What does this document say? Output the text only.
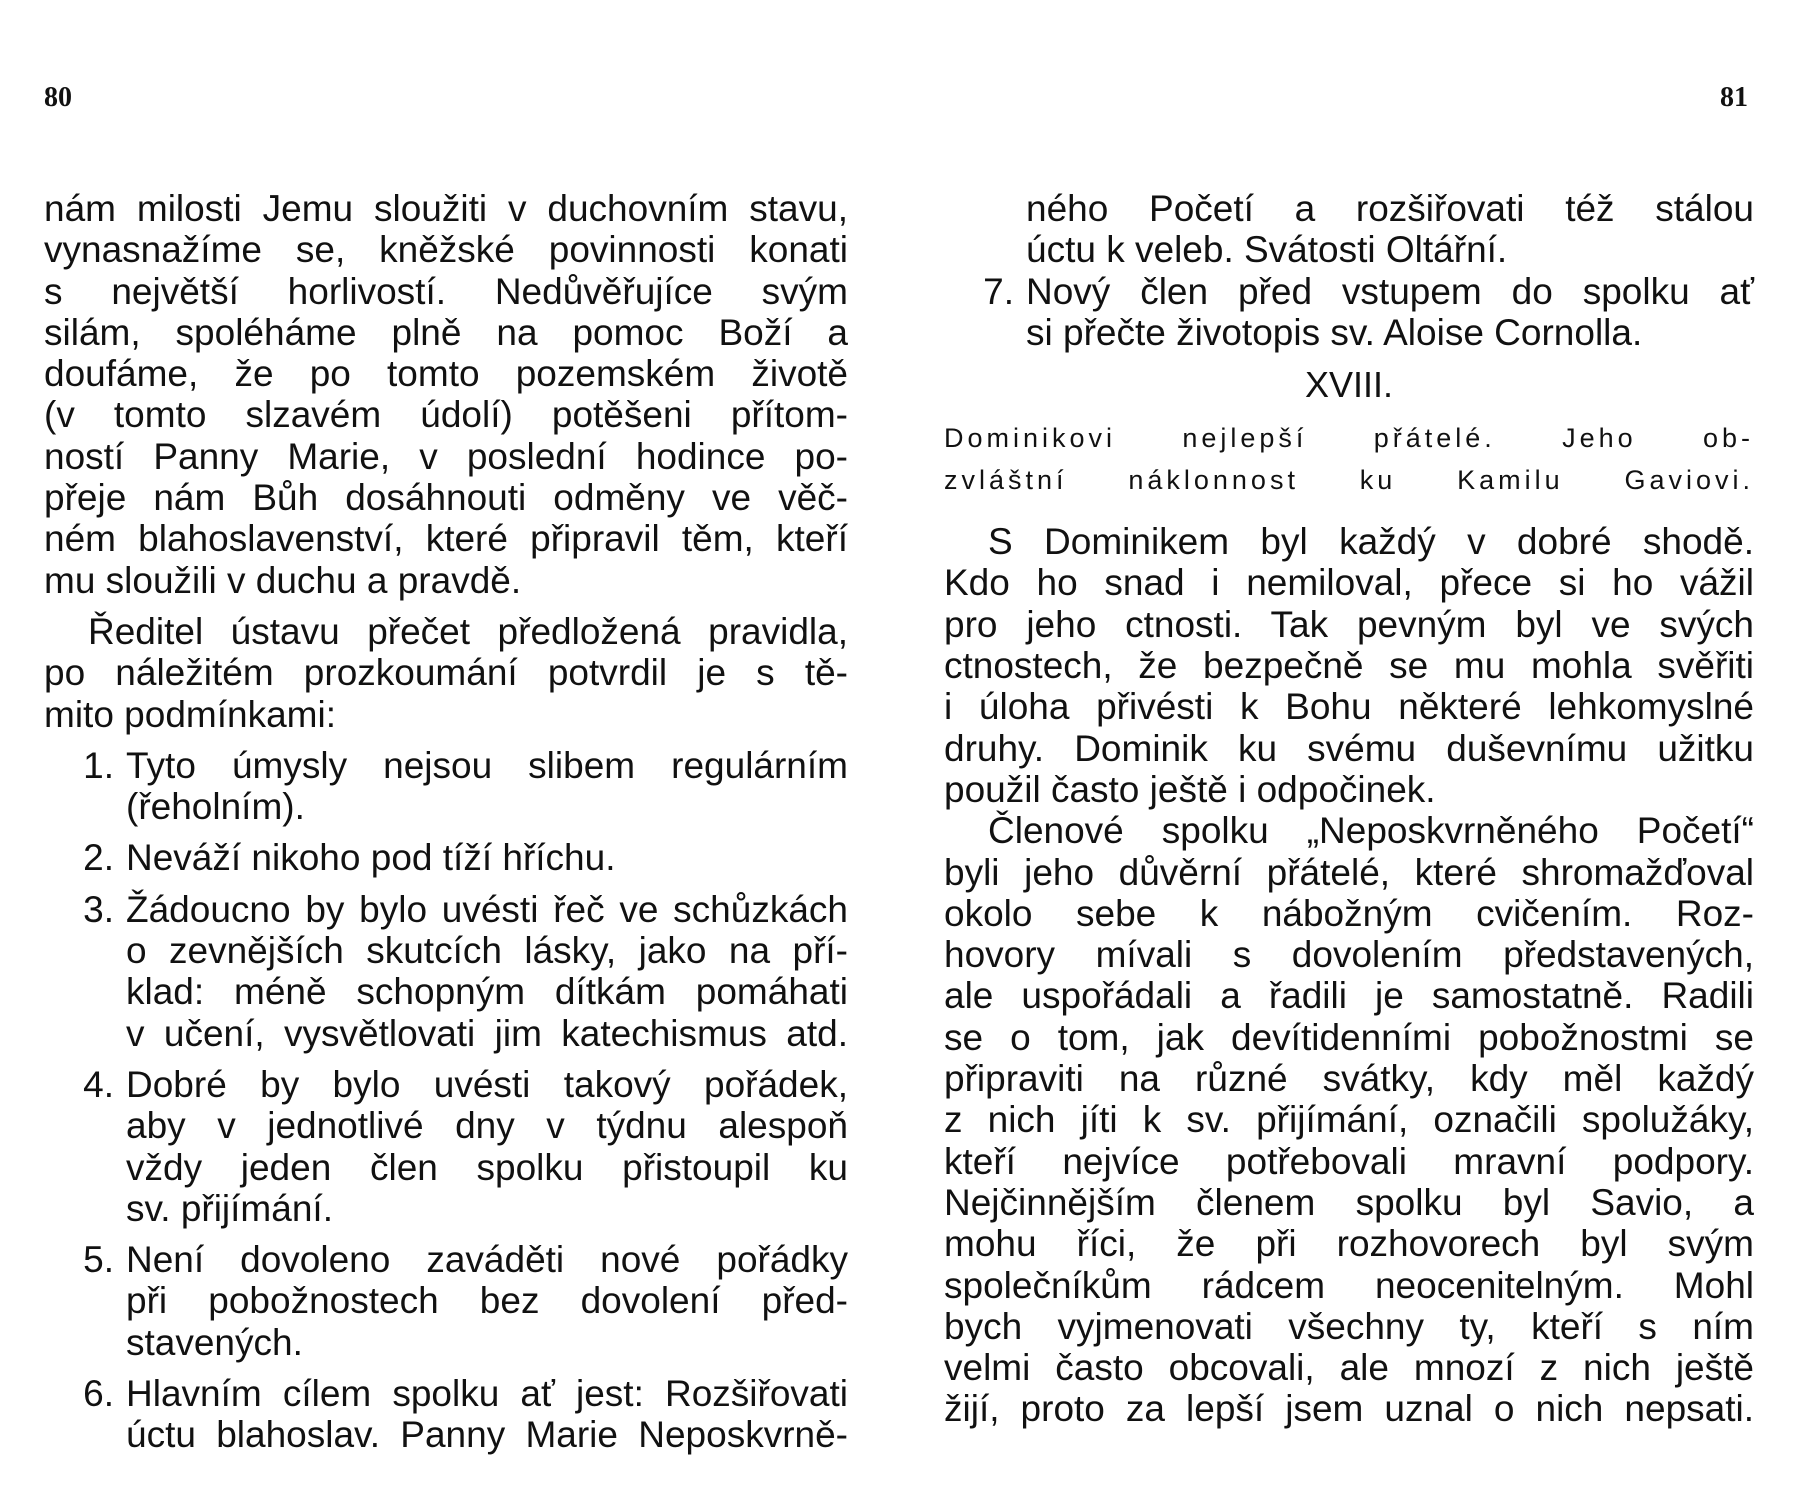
80	81
nám milosti Jemu sloužiti v duchovním stavu,
vynasnažíme se, kněžské povinnosti konati
s největší horlivostí. Nedůvěřujíce svým
silám, spoléháme plně na pomoc Boží a
doufáme, že po tomto pozemském životě
(v tomto slzavém údolí) potěšeni přítom-
ností Panny Marie, v poslední hodince po-
přeje nám Bůh dosáhnouti odměny ve věč-
ném blahoslavenství, které připravil těm, kteří
mu sloužili v duchu a pravdě.
Ředitel ústavu přečet předložená pravidla,
po náležitém prozkoumání potvrdil je s tě-
mito podmínkami:
1. Tyto úmysly nejsou slibem regulárním
(řeholním).
2. Neváží nikoho pod tíží hříchu.
3. Žádoucno by bylo uvésti řeč ve schůzkách
o zevnějších skutcích lásky, jako na pří-
klad: méně schopným dítkám pomáhati
v učení, vysvětlovati jim katechismus atd.
4. Dobré by bylo uvésti takový pořádek,
aby v jednotlivé dny v týdnu alespoň
vždy jeden člen spolku přistoupil ku
sv. přijímání.
5. Není dovoleno zaváděti nové pořádky
při pobožnostech bez dovolení před-
stavených.
6. Hlavním cílem spolku ať jest: Rozšiřovati
úctu blahoslav. Panny Marie Neposkvrně-
ného Početí a rozšiřovati též stálou
úctu k veleb. Svátosti Oltářní.
7. Nový člen před vstupem do spolku ať
si přečte životopis sv. Aloise Cornolla.
XVIII.
Dominikovi nejlepší přátelé. Jeho ob-
zvláštní náklonnost ku Kamilu Gaviovi.
S Dominikem byl každý v dobré shodě.
Kdo ho snad i nemiloval, přece si ho vážil
pro jeho ctnosti. Tak pevným byl ve svých
ctnostech, že bezpečně se mu mohla svěřiti
i úloha přivésti k Bohu některé lehkomyslné
druhy. Dominik ku svému duševnímu užitku
použil často ještě i odpočinek.
Členové spolku „Neposkvrněného Početí“
byli jeho důvěrní přátelé, které shromažďoval
okolo sebe k nábožným cvičením. Roz-
hovory mívali s dovolením představených,
ale uspořádali a řadili je samostatně. Radili
se o tom, jak devítidenními pobožnostmi se
připraviti na různé svátky, kdy měl každý
z nich jíti k sv. přijímání, označili spolužáky,
kteří nejvíce potřebovali mravní podpory.
Nejčinnějším členem spolku byl Savio, a
mohu říci, že při rozhovorech byl svým
společníkům rádcem neocenitelným. Mohl
bych vyjmenovati všechny ty, kteří s ním
velmi často obcovali, ale mnozí z nich ještě
žijí, proto za lepší jsem uznal o nich nepsati.
